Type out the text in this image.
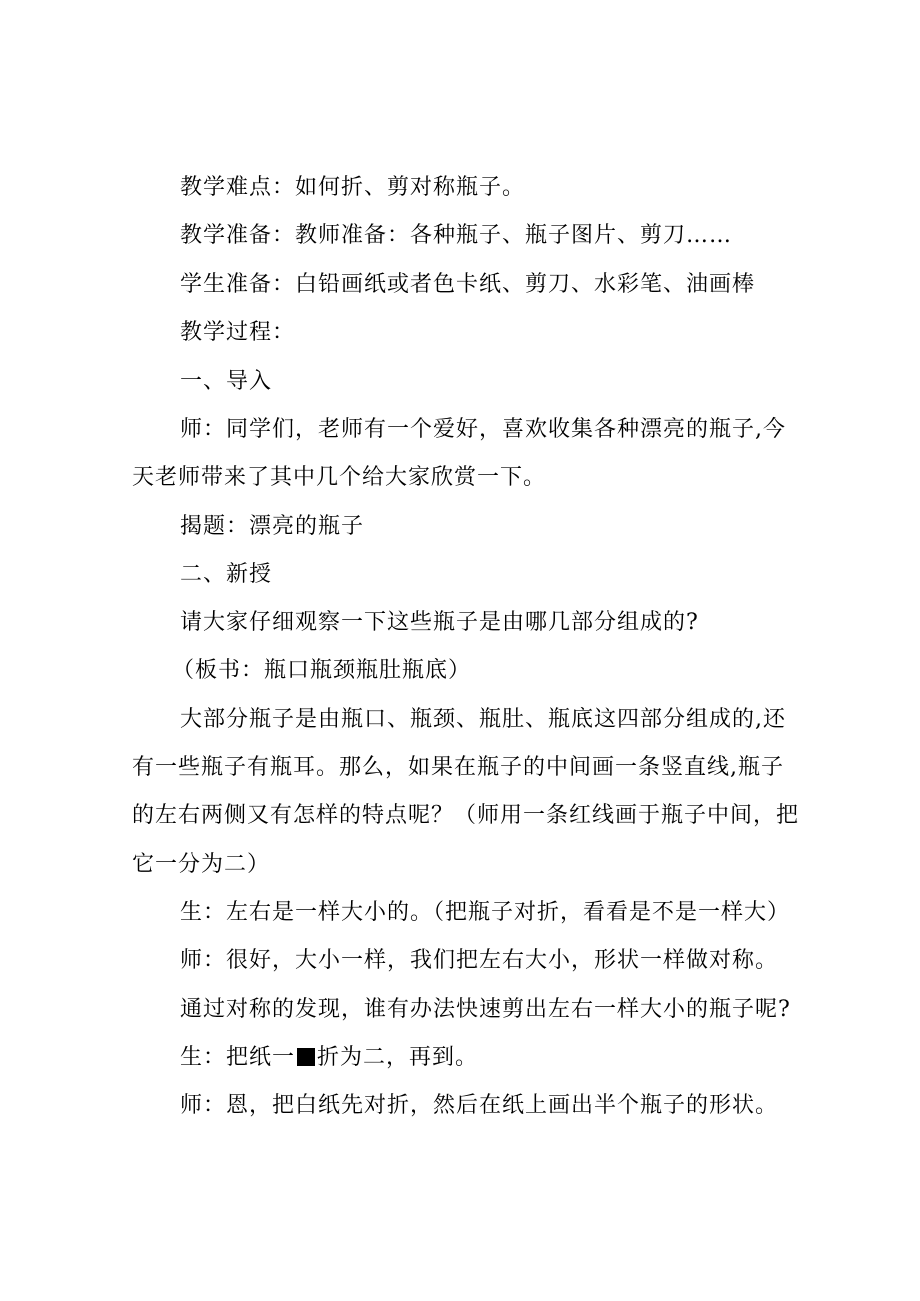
教学难点：如何折、剪对称瓶子。
教学准备：教师准备：各种瓶子、瓶子图片、剪刀……
学生准备：白铅画纸或者色卡纸、剪刀、水彩笔、油画棒
教学过程：
一、导入
师：同学们，老师有一个爱好，喜欢收集各种漂亮的瓶子,今
天老师带来了其中几个给大家欣赏一下。
揭题：漂亮的瓶子
二、新授
请大家仔细观察一下这些瓶子是由哪几部分组成的?
（板书：瓶口瓶颈瓶肚瓶底）
大部分瓶子是由瓶口、瓶颈、瓶肚、瓶底这四部分组成的,还
有一些瓶子有瓶耳。那么，如果在瓶子的中间画一条竖直线,瓶子
的左右两侧又有怎样的特点呢？（师用一条红线画于瓶子中间，把
它一分为二）
生：左右是一样大小的。（把瓶子对折，看看是不是一样大）
师：很好，大小一样，我们把左右大小，形状一样做对称。
通过对称的发现，谁有办法快速剪出左右一样大小的瓶子呢?
生：把纸一 折为二，再到。
师：恩，把白纸先对折，然后在纸上画出半个瓶子的形状。
